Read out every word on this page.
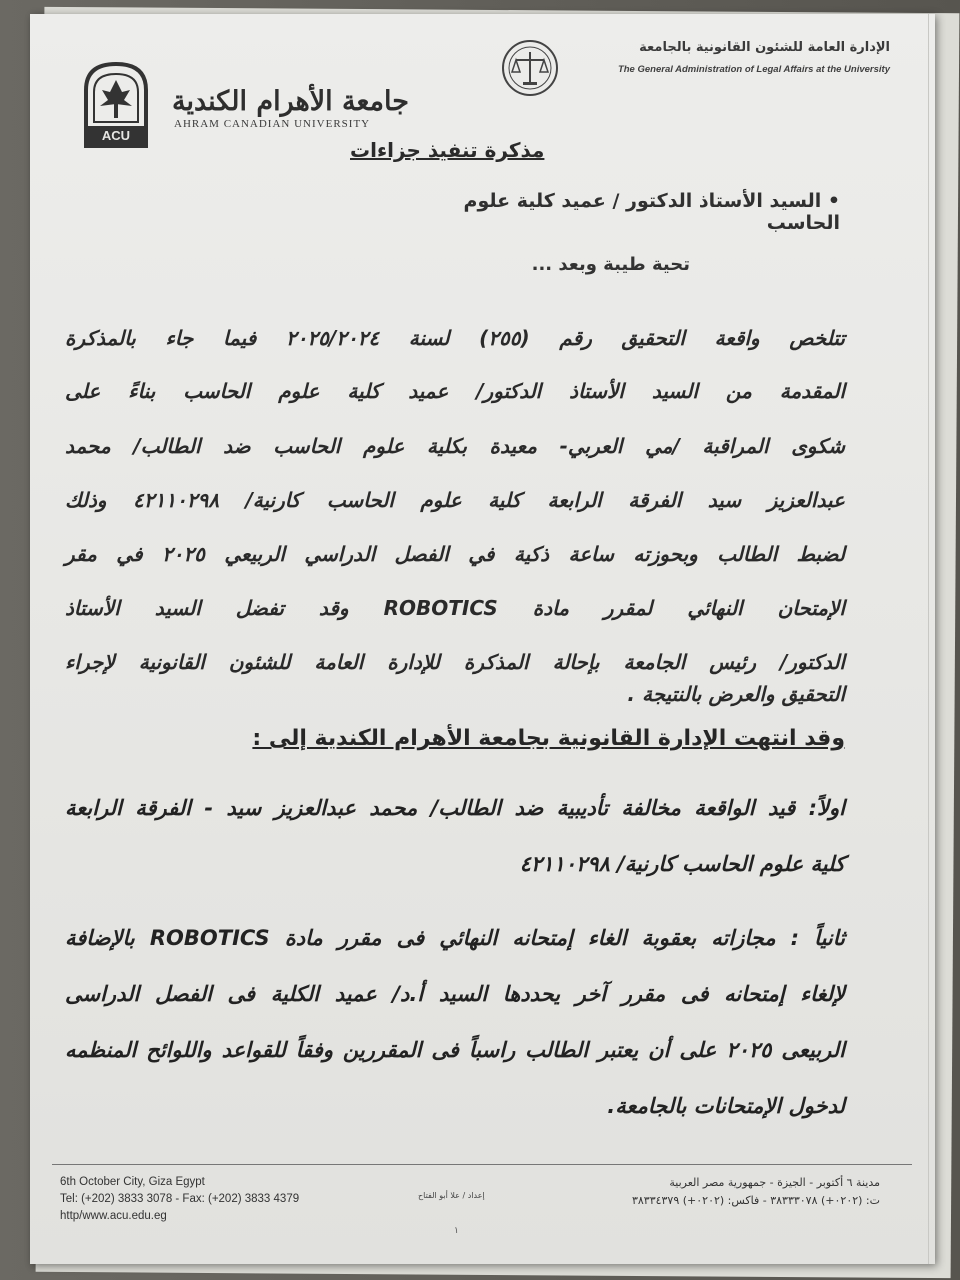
ACU
جامعة الأهرام الكندية
AHRAM CANADIAN UNIVERSITY
الإدارة العامة للشئون القانونية بالجامعة
The General Administration of Legal Affairs at the University
مذكرة تنفيذ جزاءات
• السيد الأستاذ الدكتور / عميد كلية علوم الحاسب
تحية طيبة وبعد ...
تتلخص واقعة التحقيق رقم (٢٥٥) لسنة ٢٠٢٥/٢٠٢٤ فيما جاء بالمذكرة
المقدمة من السيد الأستاذ الدكتور/ عميد كلية علوم الحاسب بناءً على
شكوى المراقبة /مي العربي- معيدة بكلية علوم الحاسب ضد الطالب/ محمد
عبدالعزيز سيد الفرقة الرابعة كلية علوم الحاسب كارنية/ ٤٢١١٠٢٩٨ وذلك
لضبط الطالب وبحوزته ساعة ذكية في الفصل الدراسي الربيعي ٢٠٢٥ في مقر
الإمتحان النهائي لمقرر مادة ROBOTICS وقد تفضل السيد الأستاذ
الدكتور/ رئيس الجامعة بإحالة المذكرة للإدارة العامة للشئون القانونية لإجراء
التحقيق والعرض بالنتيجة .
وقد انتهت الإدارة القانونية بجامعة الأهرام الكندية إلى :
اولاً: قيد الواقعة مخالفة تأديبية ضد الطالب/ محمد عبدالعزيز سيد - الفرقة الرابعة
كلية علوم الحاسب كارنية/ ٤٢١١٠٢٩٨
ثانياً : مجازاته بعقوبة الغاء إمتحانه النهائي فى مقرر مادة ROBOTICS بالإضافة
لإلغاء إمتحانه فى مقرر آخر يحددها السيد أ.د/ عميد الكلية فى الفصل الدراسى
الربيعى ٢٠٢٥ على أن يعتبر الطالب راسباً فى المقررين وفقاً للقواعد واللوائح المنظمه
لدخول الإمتحانات بالجامعة.
6th October City, Giza Egypt
Tel: (+202) 3833 3078 - Fax: (+202) 3833 4379
http/www.acu.edu.eg
إعداد / علا أبو الفتاح
مدينة ٦ أكتوبر - الجيزة - جمهورية مصر العربية
ت: (٠٢٠٢+) ٣٨٣٣٣٠٧٨ - فاكس: (٠٢٠٢+) ٣٨٣٣٤٣٧٩
١
